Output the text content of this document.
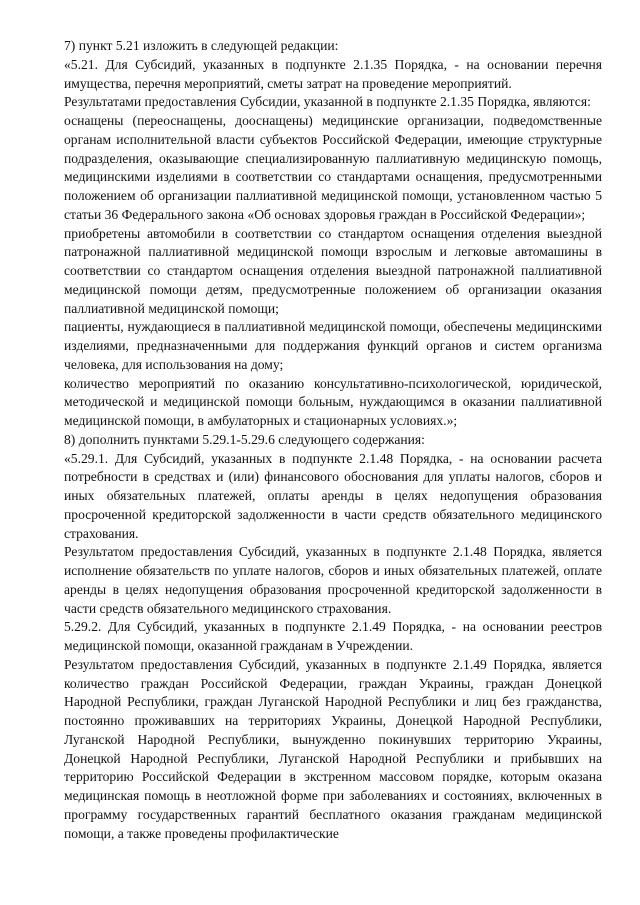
7) пункт 5.21 изложить в следующей редакции:

«5.21. Для Субсидий, указанных в подпункте 2.1.35 Порядка, - на основании перечня имущества, перечня мероприятий, сметы затрат на проведение мероприятий.

Результатами предоставления Субсидии, указанной в подпункте 2.1.35 Порядка, являются:

оснащены (переоснащены, дооснащены) медицинские организации, подведомственные органам исполнительной власти субъектов Российской Федерации, имеющие структурные подразделения, оказывающие специализированную паллиативную медицинскую помощь, медицинскими изделиями в соответствии со стандартами оснащения, предусмотренными положением об организации паллиативной медицинской помощи, установленном частью 5 статьи 36 Федерального закона «Об основах здоровья граждан в Российской Федерации»;

приобретены автомобили в соответствии со стандартом оснащения отделения выездной патронажной паллиативной медицинской помощи взрослым и легковые автомашины в соответствии со стандартом оснащения отделения выездной патронажной паллиативной медицинской помощи детям, предусмотренные положением об организации оказания паллиативной медицинской помощи;

пациенты, нуждающиеся в паллиативной медицинской помощи, обеспечены медицинскими изделиями, предназначенными для поддержания функций органов и систем организма человека, для использования на дому;

количество мероприятий по оказанию консультативно-психологической, юридической, методической и медицинской помощи больным, нуждающимся в оказании паллиативной медицинской помощи, в амбулаторных и стационарных условиях.»;

8) дополнить пунктами 5.29.1-5.29.6 следующего содержания:

«5.29.1. Для Субсидий, указанных в подпункте 2.1.48 Порядка, - на основании расчета потребности в средствах и (или) финансового обоснования для уплаты налогов, сборов и иных обязательных платежей, оплаты аренды в целях недопущения образования просроченной кредиторской задолженности в части средств обязательного медицинского страхования.

Результатом предоставления Субсидий, указанных в подпункте 2.1.48 Порядка, является исполнение обязательств по уплате налогов, сборов и иных обязательных платежей, оплате аренды в целях недопущения образования просроченной кредиторской задолженности в части средств обязательного медицинского страхования.

5.29.2. Для Субсидий, указанных в подпункте 2.1.49 Порядка, - на основании реестров медицинской помощи, оказанной гражданам в Учреждении.

Результатом предоставления Субсидий, указанных в подпункте 2.1.49 Порядка, является количество граждан Российской Федерации, граждан Украины, граждан Донецкой Народной Республики, граждан Луганской Народной Республики и лиц без гражданства, постоянно проживавших на территориях Украины, Донецкой Народной Республики, Луганской Народной Республики, вынужденно покинувших территорию Украины, Донецкой Народной Республики, Луганской Народной Республики и прибывших на территорию Российской Федерации в экстренном массовом порядке, которым оказана медицинская помощь в неотложной форме при заболеваниях и состояниях, включенных в программу государственных гарантий бесплатного оказания гражданам медицинской помощи, а также проведены профилактические
